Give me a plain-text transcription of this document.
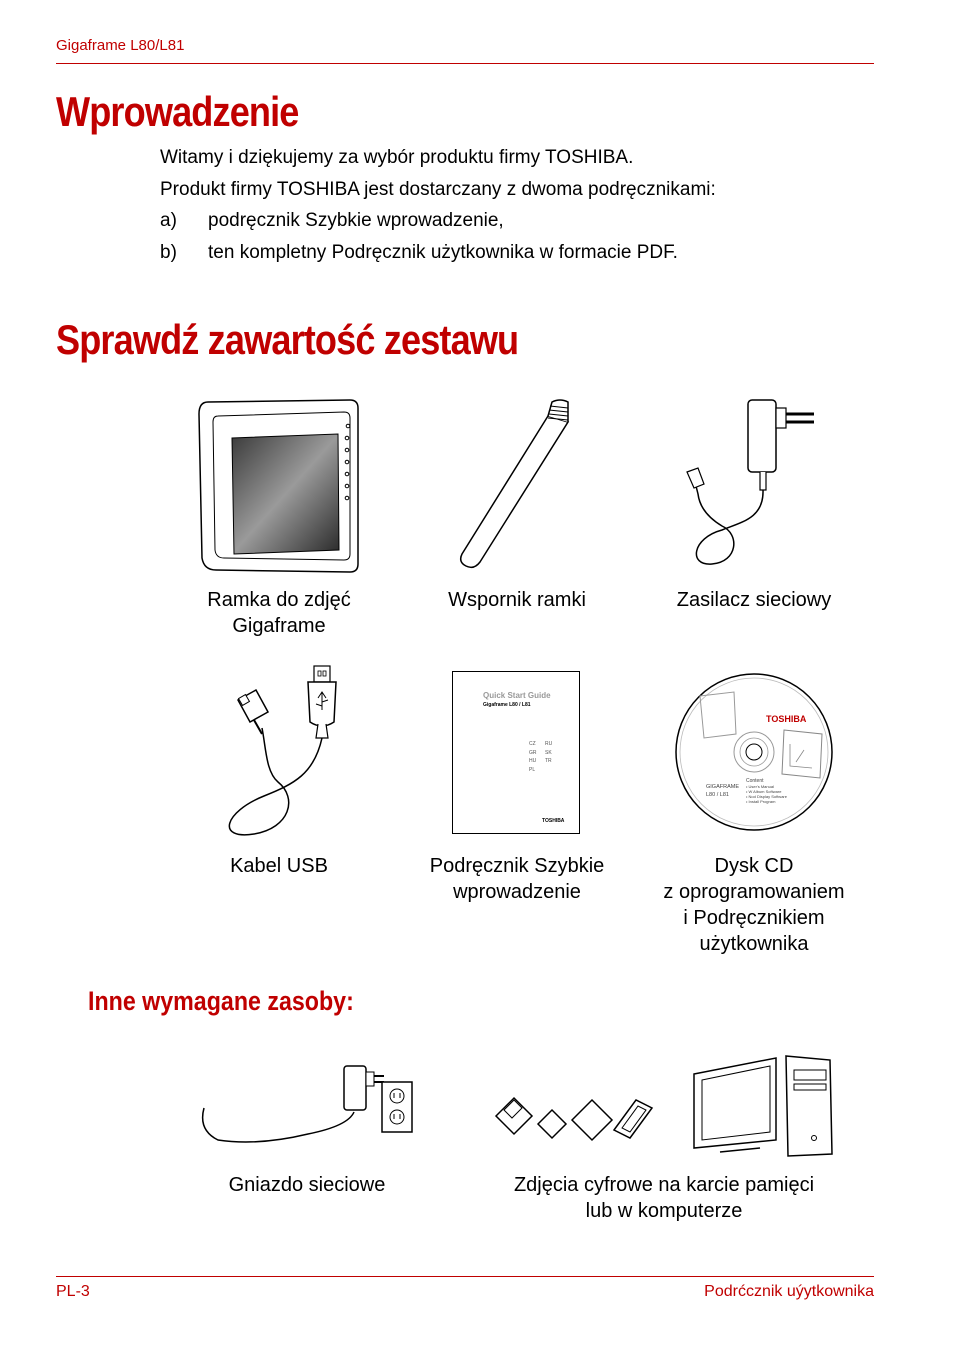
Gigaframe L80/L81
Wprowadzenie
Witamy i dziękujemy za wybór produktu firmy TOSHIBA.
Produkt firmy TOSHIBA jest dostarczany z dwoma podręcznikami:
a) podręcznik Szybkie wprowadzenie,
b) ten kompletny Podręcznik użytkownika w formacie PDF.
Sprawdź zawartość zestawu
Ramka do zdjęć
Gigaframe
Wspornik ramki	Zasilacz sieciowy
Quick Start Guide
Gigaframe L80 / L81
CZ
GR
HU
PL
RU
SK
TR
TOSHIBA
TOSHIBA
GIGAFRAME
L80 / L81
Content
• User's Manual
• W Album Software
• Nod Display Software
• Install Program
Kabel USB	Podręcznik Szybkie
wprowadzenie
Dysk CD
z oprogramowaniem
i Podręcznikiem
użytkownika
Inne wymagane zasoby:
Gniazdo sieciowe	Zdjęcia cyfrowe na karcie pamięci
lub w komputerze
PL-3	Podrćcznik uýytkownika
